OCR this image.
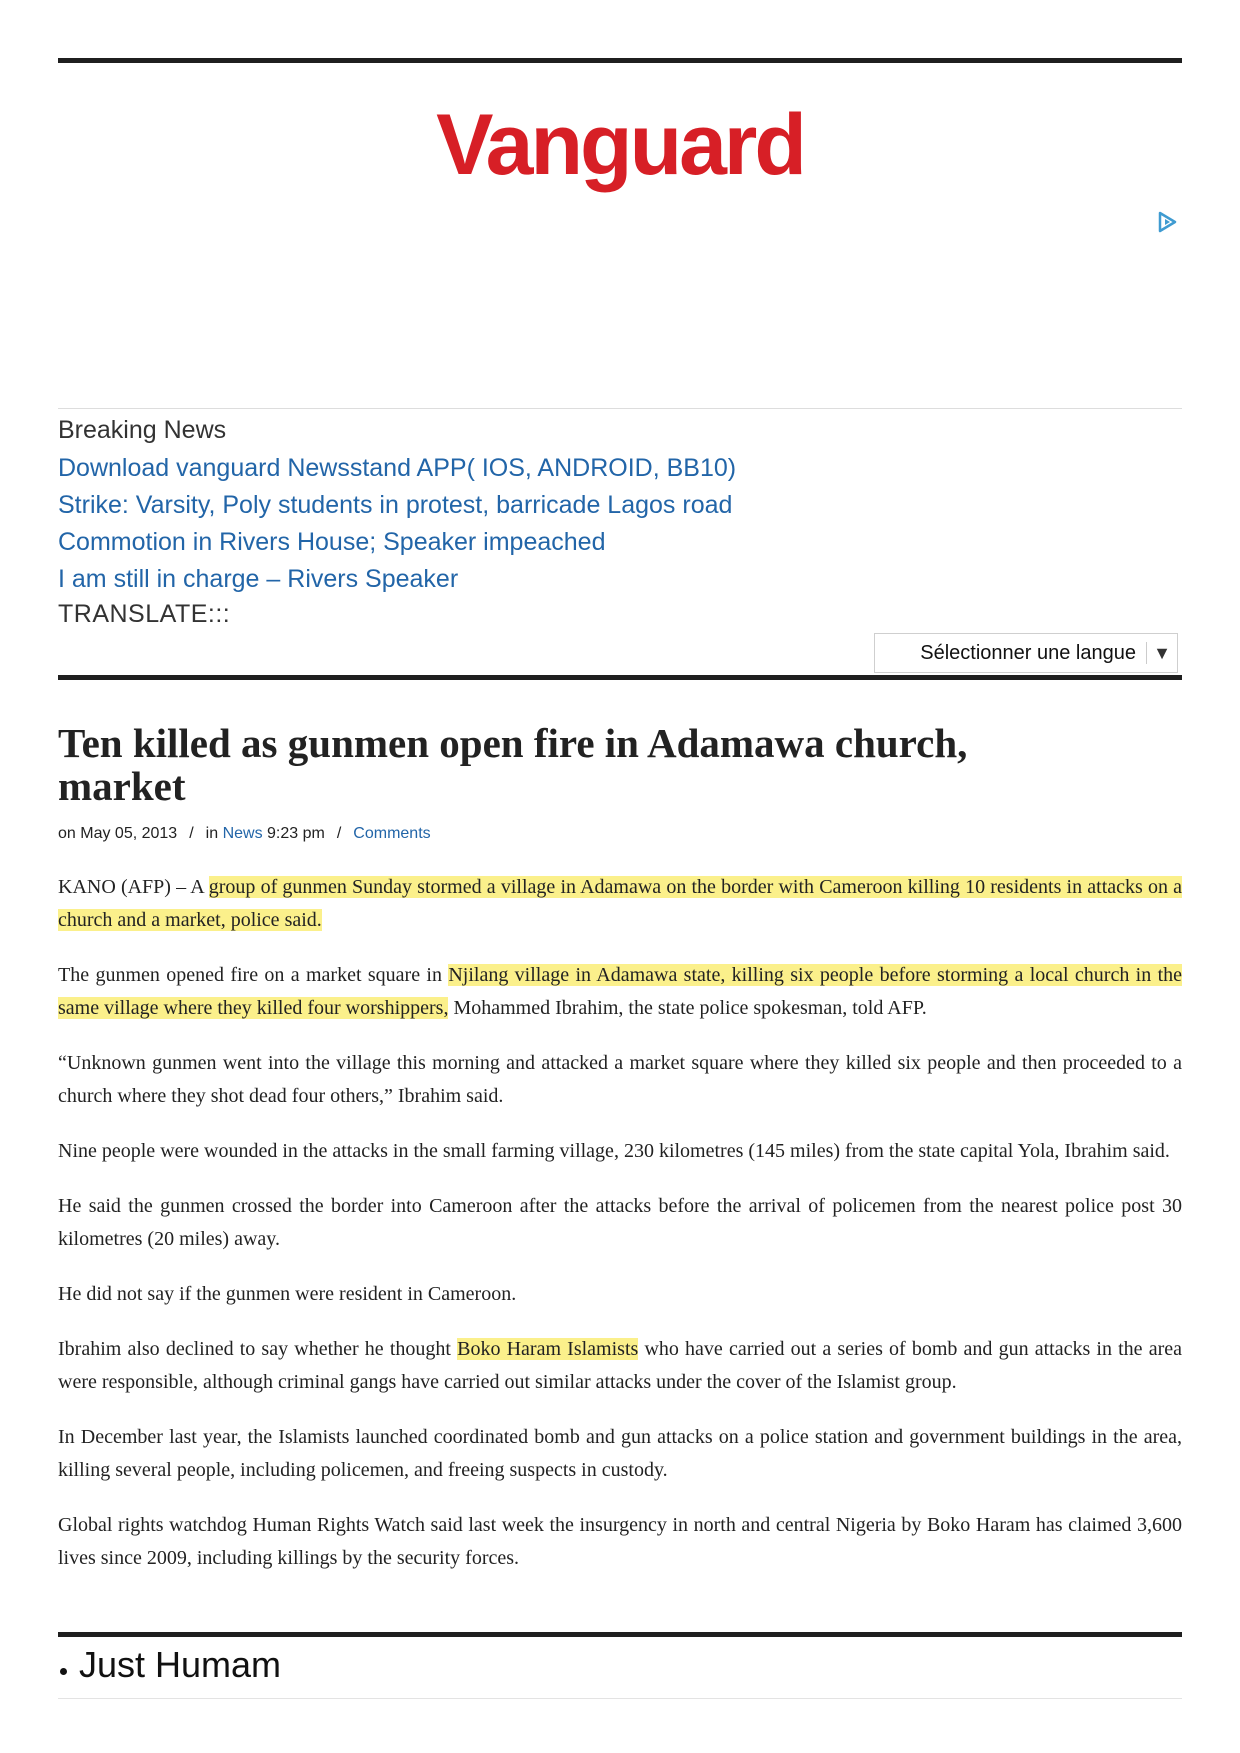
Vanguard
Breaking News
Download vanguard Newsstand APP( IOS, ANDROID, BB10)
Strike: Varsity, Poly students in protest, barricade Lagos road
Commotion in Rivers House; Speaker impeached
I am still in charge – Rivers Speaker
TRANSLATE:::
Sélectionner une langue ▼
Ten killed as gunmen open fire in Adamawa church, market
on May 05, 2013 / in News 9:23 pm / Comments

KANO (AFP) – A group of gunmen Sunday stormed a village in Adamawa on the border with Cameroon killing 10 residents in attacks on a church and a market, police said.

The gunmen opened fire on a market square in Njilang village in Adamawa state, killing six people before storming a local church in the same village where they killed four worshippers, Mohammed Ibrahim, the state police spokesman, told AFP.

“Unknown gunmen went into the village this morning and attacked a market square where they killed six people and then proceeded to a church where they shot dead four others,” Ibrahim said.

Nine people were wounded in the attacks in the small farming village, 230 kilometres (145 miles) from the state capital Yola, Ibrahim said.

He said the gunmen crossed the border into Cameroon after the attacks before the arrival of policemen from the nearest police post 30 kilometres (20 miles) away.

He did not say if the gunmen were resident in Cameroon.

Ibrahim also declined to say whether he thought Boko Haram Islamists who have carried out a series of bomb and gun attacks in the area were responsible, although criminal gangs have carried out similar attacks under the cover of the Islamist group.

In December last year, the Islamists launched coordinated bomb and gun attacks on a police station and government buildings in the area, killing several people, including policemen, and freeing suspects in custody.

Global rights watchdog Human Rights Watch said last week the insurgency in north and central Nigeria by Boko Haram has claimed 3,600 lives since 2009, including killings by the security forces.

Just Humam
